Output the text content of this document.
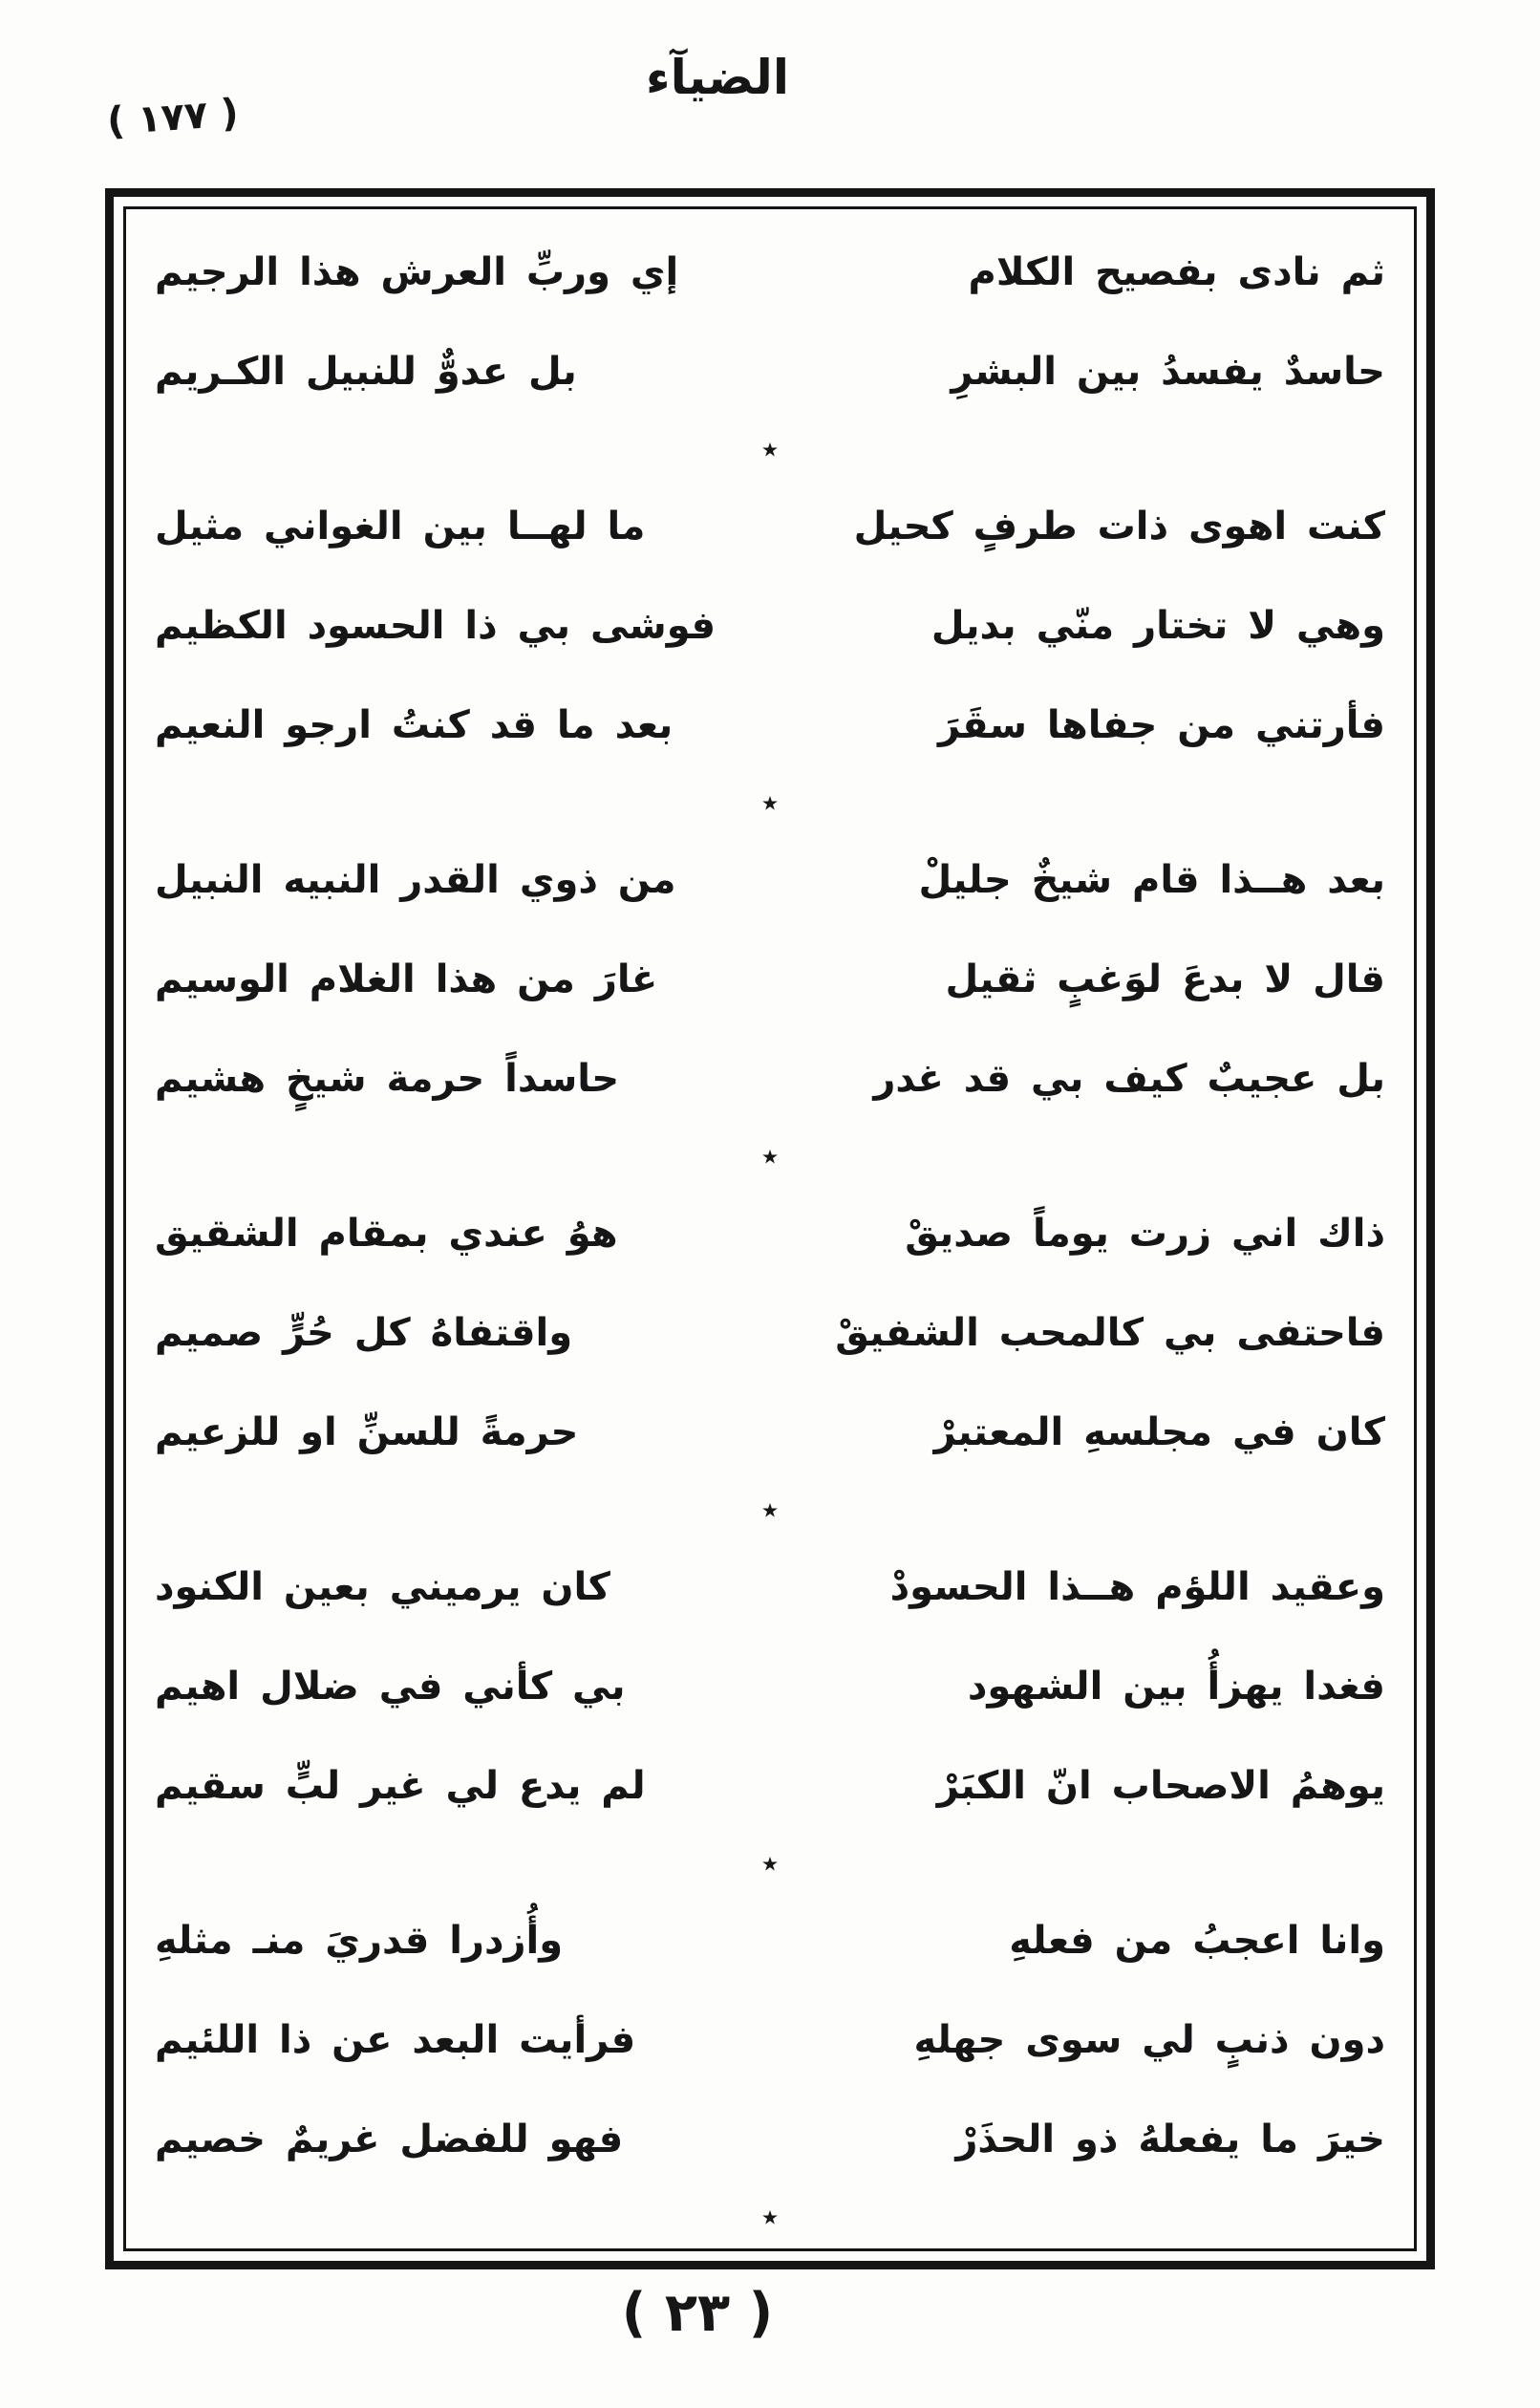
الضيآء
( ١٧٧ )
ثم نادى بفصيح الكلام
إي وربِّ العرش هذا الرجيم
حاسدٌ يفسدُ بين البشرِ
بل عدوٌّ للنبيل الكـريم
٭
كنت اهوى ذات طرفٍ كحيل
ما لهــا بين الغواني مثيل
وهي لا تختار منّي بديل
فوشى بي ذا الحسود الكظيم
فأرتني من جفاها سقَرَ
بعد ما قد كنتُ ارجو النعيم
٭
بعد هــذا قام شيخٌ جليلْ
من ذوي القدر النبيه النبيل
قال لا بدعَ لوَغبٍ ثقيل
غارَ من هذا الغلام الوسيم
بل عجيبٌ كيف بي قد غدر
حاسداً حرمة شيخٍ هشيم
٭
ذاك اني زرت يوماً صديقْ
هوُ عندي بمقام الشقيق
فاحتفى بي كالمحب الشفيقْ
واقتفاهُ كل حُرٍّ صميم
كان في مجلسهِ المعتبرْ
حرمةً للسنِّ او للزعيم
٭
وعقيد اللؤم هــذا الحسودْ
كان يرميني بعين الكنود
فغدا يهزأُ بين الشهود
بي كأني في ضلال اهيم
يوهمُ الاصحاب انّ الكبَرْ
لم يدع لي غير لبٍّ سقيم
٭
وانا اعجبُ من فعلهِ
وأُزدرا قدريَ منـ مثلهِ
دون ذنبٍ لي سوى جهلهِ
فرأيت البعد عن ذا اللئيم
خيرَ ما يفعلهُ ذو الحذَرْ
فهو للفضل غريمٌ خصيم
٭
( ٢٣ )
